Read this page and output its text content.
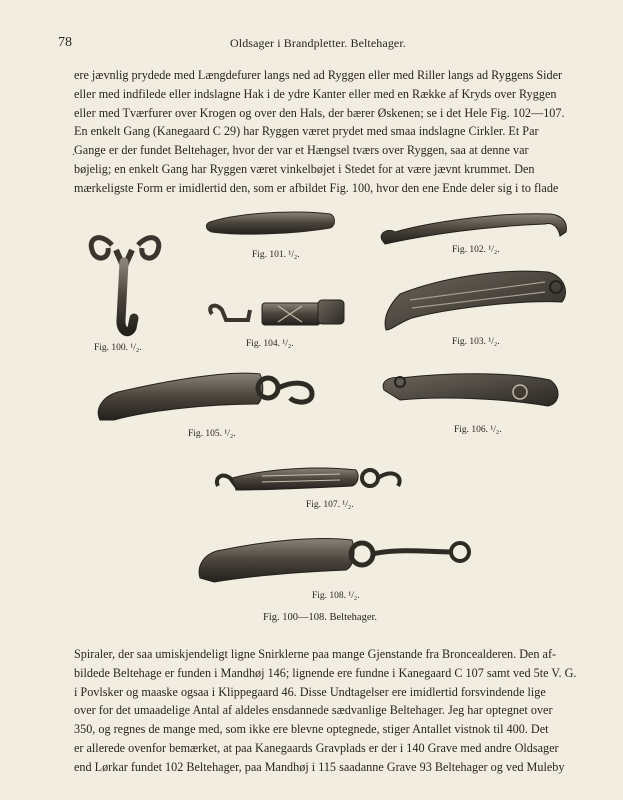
78	Oldsager i Brandpletter. Beltehager.
ere jævnlig prydede med Længdefurer langs ned ad Ryggen eller med Riller langs ad Ryggens Sider
eller med indfilede eller indslagne Hak i de ydre Kanter eller med en Række af Kryds over Ryggen
eller med Tværfurer over Krogen og over den Hals, der bærer Øskenen; se i det Hele Fig. 102—107.
En enkelt Gang (Kanegaard C 29) har Ryggen været prydet med smaa indslagne Cirkler. Et Par
Gange er der fundet Beltehager, hvor der var et Hængsel tværs over Ryggen, saa at denne var
bøjelig; en enkelt Gang har Ryggen været vinkelbøjet i Stedet for at være jævnt krummet. Den
mærkeligste Form er imidlertid den, som er afbildet Fig. 100, hvor den ene Ende deler sig i to flade
·
Fig. 100. ¹/₂.
Fig. 101. ¹/₂.	Fig. 102. ¹/₂.
Fig. 103. ¹/₂.
Fig. 104. ¹/₂.
Fig. 105. ¹/₂.	Fig. 106. ¹/₂.
Fig. 107. ¹/₂.
Fig. 108. ¹/₂.
Fig. 100—108. Beltehager.
Spiraler, der saa umiskjendeligt ligne Snirklerne paa mange Gjenstande fra Broncealderen. Den af-
bildede Beltehage er funden i Mandhøj 146; lignende ere fundne i Kanegaard C 107 samt ved 5te V. G.
i Povlsker og maaske ogsaa i Klippegaard 46. Disse Undtagelser ere imidlertid forsvindende lige
over for det umaadelige Antal af aldeles ensdannede sædvanlige Beltehager. Jeg har optegnet over
350, og regnes de mange med, som ikke ere blevne optegnede, stiger Antallet vistnok til 400. Det
er allerede ovenfor bemærket, at paa Kanegaards Gravplads er der i 140 Grave med andre Oldsager
end Lørkar fundet 102 Beltehager, paa Mandhøj i 115 saadanne Grave 93 Beltehager og ved Muleby
